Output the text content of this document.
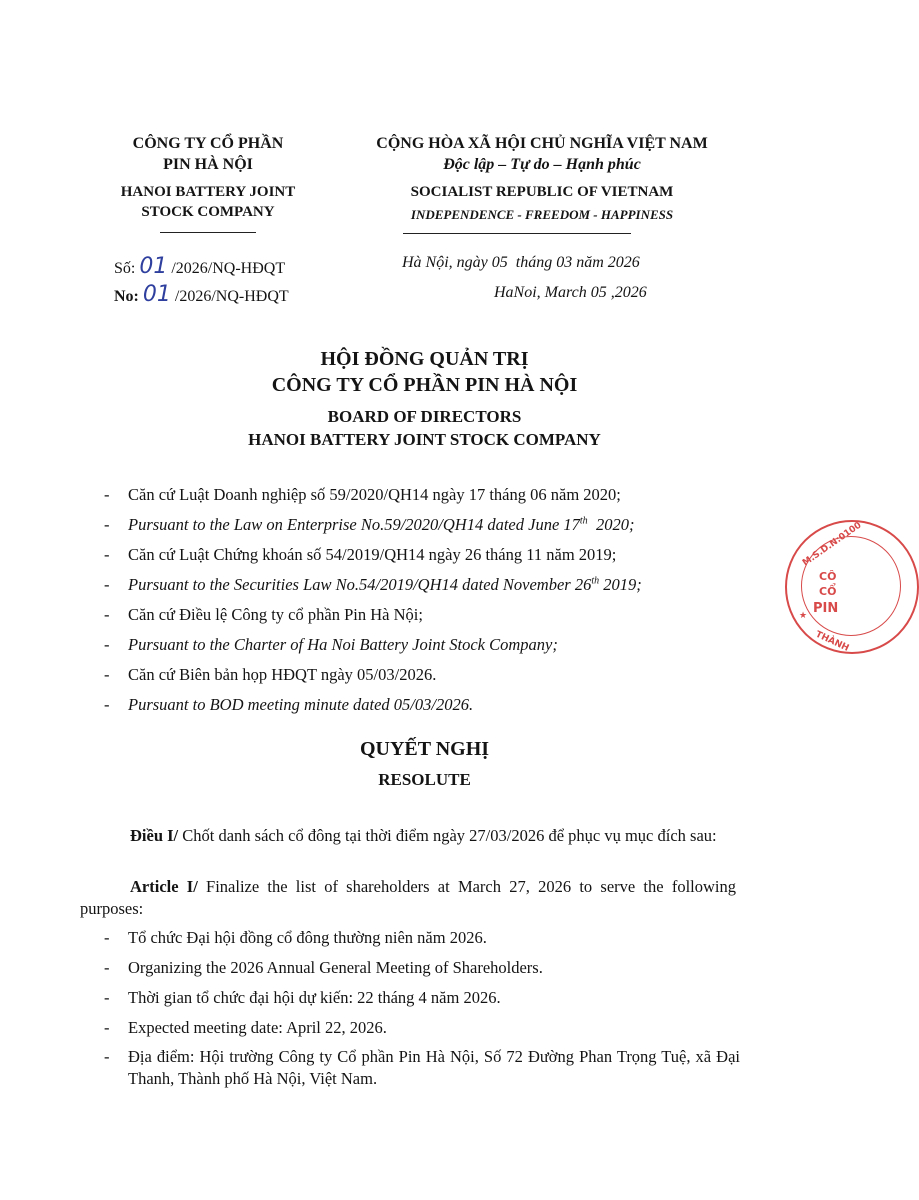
CÔNG TY CỔ PHẦN
PIN HÀ NỘI
HANOI BATTERY JOINT
STOCK COMPANY
CỘNG HÒA XÃ HỘI CHỦ NGHĨA VIỆT NAM
Độc lập – Tự do – Hạnh phúc
SOCIALIST REPUBLIC OF VIETNAM
INDEPENDENCE - FREEDOM - HAPPINESS
Số: 01 /2026/NQ-HĐQT
No: 01 /2026/NQ-HĐQT
Hà Nội, ngày 05  tháng 03 năm 2026
HaNoi, March 05 ,2026
HỘI ĐỒNG QUẢN TRỊ
CÔNG TY CỔ PHẦN PIN HÀ NỘI
BOARD OF DIRECTORS
HANOI BATTERY JOINT STOCK COMPANY
- Căn cứ Luật Doanh nghiệp số 59/2020/QH14 ngày 17 tháng 06 năm 2020;
- Pursuant to the Law on Enterprise No.59/2020/QH14 dated June 17th  2020;
- Căn cứ Luật Chứng khoán số 54/2019/QH14 ngày 26 tháng 11 năm 2019;
- Pursuant to the Securities Law No.54/2019/QH14 dated November 26th 2019;
- Căn cứ Điều lệ Công ty cổ phần Pin Hà Nội;
- Pursuant to the Charter of Ha Noi Battery Joint Stock Company;
- Căn cứ Biên bản họp HĐQT ngày 05/03/2026.
- Pursuant to BOD meeting minute dated 05/03/2026.
QUYẾT NGHỊ
RESOLUTE
Điều I/ Chốt danh sách cổ đông tại thời điểm ngày 27/03/2026 để phục vụ mục đích sau:
Article I/ Finalize the list of shareholders at March 27, 2026 to serve the following purposes:
- Tổ chức Đại hội đồng cổ đông thường niên năm 2026.
- Organizing the 2026 Annual General Meeting of Shareholders.
- Thời gian tổ chức đại hội dự kiến: 22 tháng 4 năm 2026.
- Expected meeting date: April 22, 2026.
- Địa điểm: Hội trường Công ty Cổ phần Pin Hà Nội, Số 72 Đường Phan Trọng Tuệ, xã Đại Thanh, Thành phố Hà Nội, Việt Nam.
M.S.D.N:0100
CÔ
CỔ
PIN
THÀNH
★
